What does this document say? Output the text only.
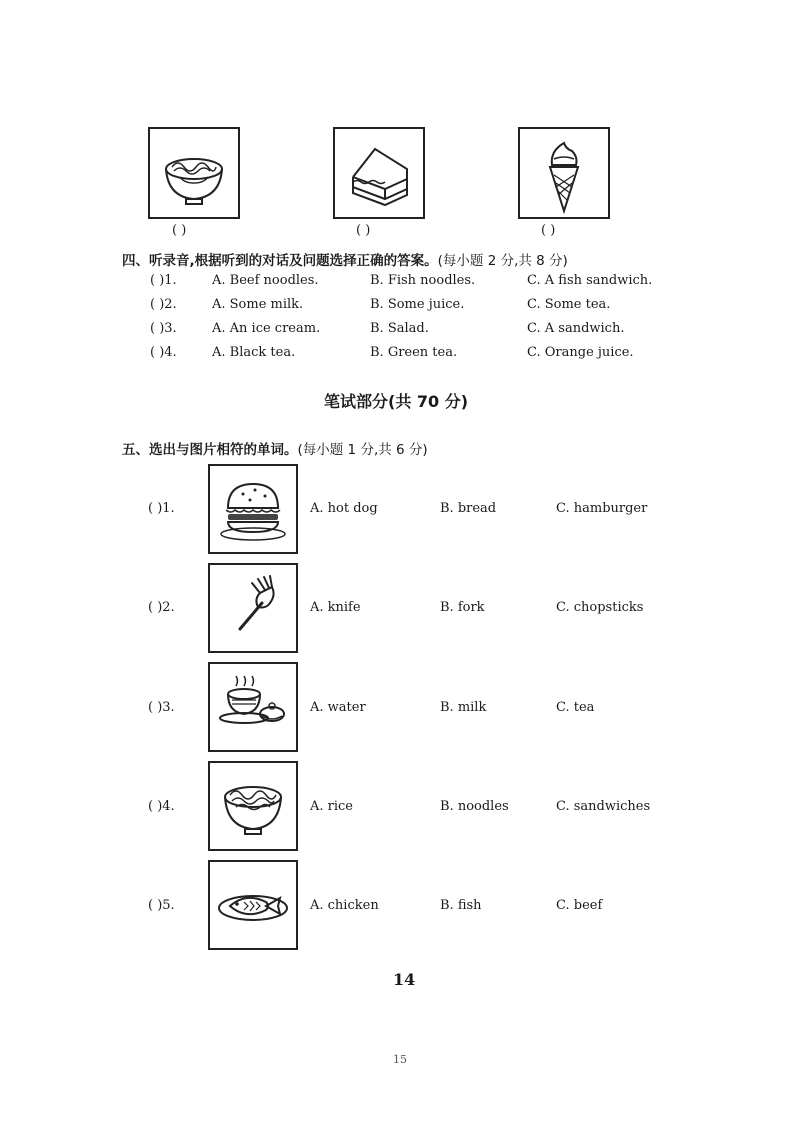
( )	( )	( )
四、听录音,根据听到的对话及问题选择正确的答案。(每小题 2 分,共 8 分)
( )1.	A. Beef noodles.	B. Fish noodles.	C. A fish sandwich.
( )2.	A. Some milk.	B. Some juice.	C. Some tea.
( )3.	A. An ice cream.	B. Salad.	C. A sandwich.
( )4.	A. Black tea.	B. Green tea.	C. Orange juice.
笔试部分(共 70 分)
五、选出与图片相符的单词。(每小题 1 分,共 6 分)
( )1.	A. hot dog	B. bread	C. hamburger
( )2.	A. knife	B. fork	C. chopsticks
( )3.	A. water	B. milk	C. tea
( )4.	A. rice	B. noodles	C. sandwiches
( )5.	A. chicken	B. fish	C. beef
14
15
